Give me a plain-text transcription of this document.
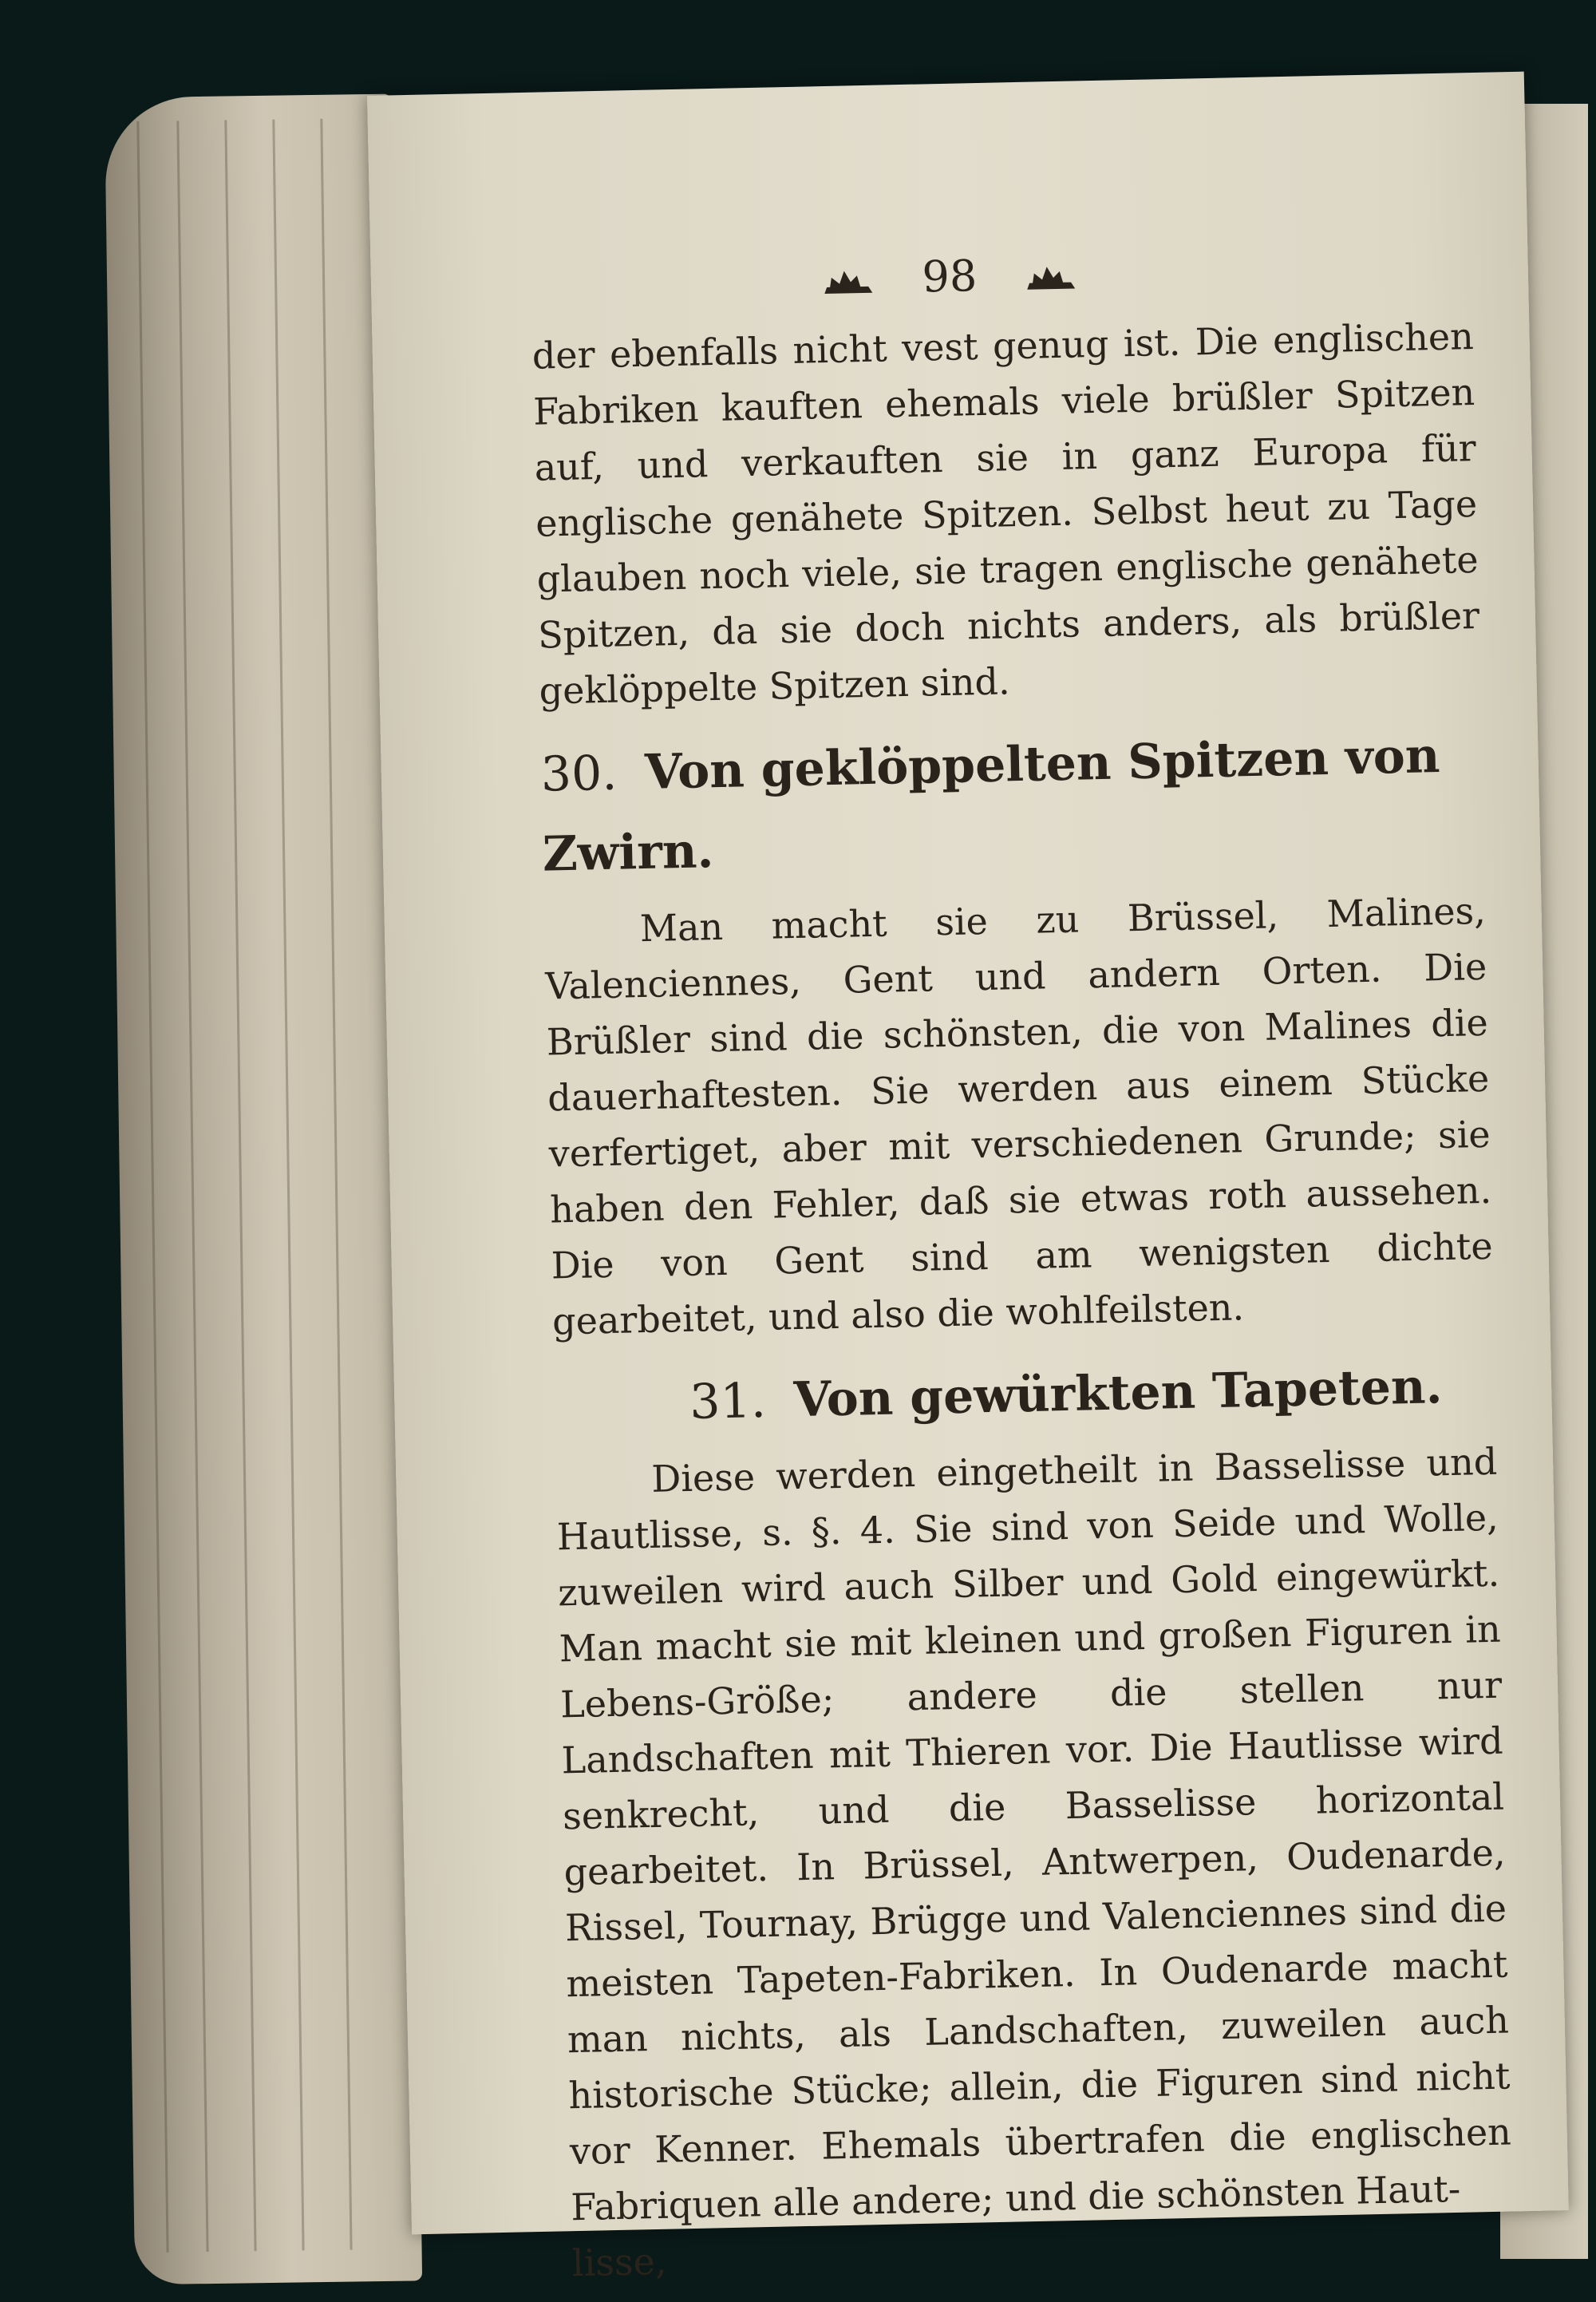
98

der ebenfalls nicht vest genug ist. Die englischen Fabriken kauften ehemals viele brüßler Spitzen auf, und verkauften sie in ganz Europa für englische genähete Spitzen. Selbst heut zu Tage glauben noch viele, sie tragen englische genähete Spitzen, da sie doch nichts anders, als brüßler geklöppelte Spitzen sind.

30. Von geklöppelten Spitzen von Zwirn.

Man macht sie zu Brüssel, Malines, Valenciennes, Gent und andern Orten. Die Brüßler sind die schönsten, die von Malines die dauerhaftesten. Sie werden aus einem Stücke verfertiget, aber mit verschiedenen Grunde; sie haben den Fehler, daß sie etwas roth aussehen. Die von Gent sind am wenigsten dichte gearbeitet, und also die wohlfeilsten.

31. Von gewürkten Tapeten.

Diese werden eingetheilt in Basselisse und Hautlisse, s. §. 4. Sie sind von Seide und Wolle, zuweilen wird auch Silber und Gold eingewürkt. Man macht sie mit kleinen und großen Figuren in Lebens-Größe; andere die stellen nur Landschaften mit Thieren vor. Die Hautlisse wird senkrecht, und die Basselisse horizontal gearbeitet. In Brüssel, Antwerpen, Oudenarde, Rissel, Tournay, Brügge und Valenciennes sind die meisten Tapeten-Fabriken. In Oudenarde macht man nichts, als Landschaften, zuweilen auch historische Stücke; allein, die Figuren sind nicht vor Kenner. Ehemals übertrafen die englischen Fabriquen alle andere; und die schönsten Haut-

lisse,
